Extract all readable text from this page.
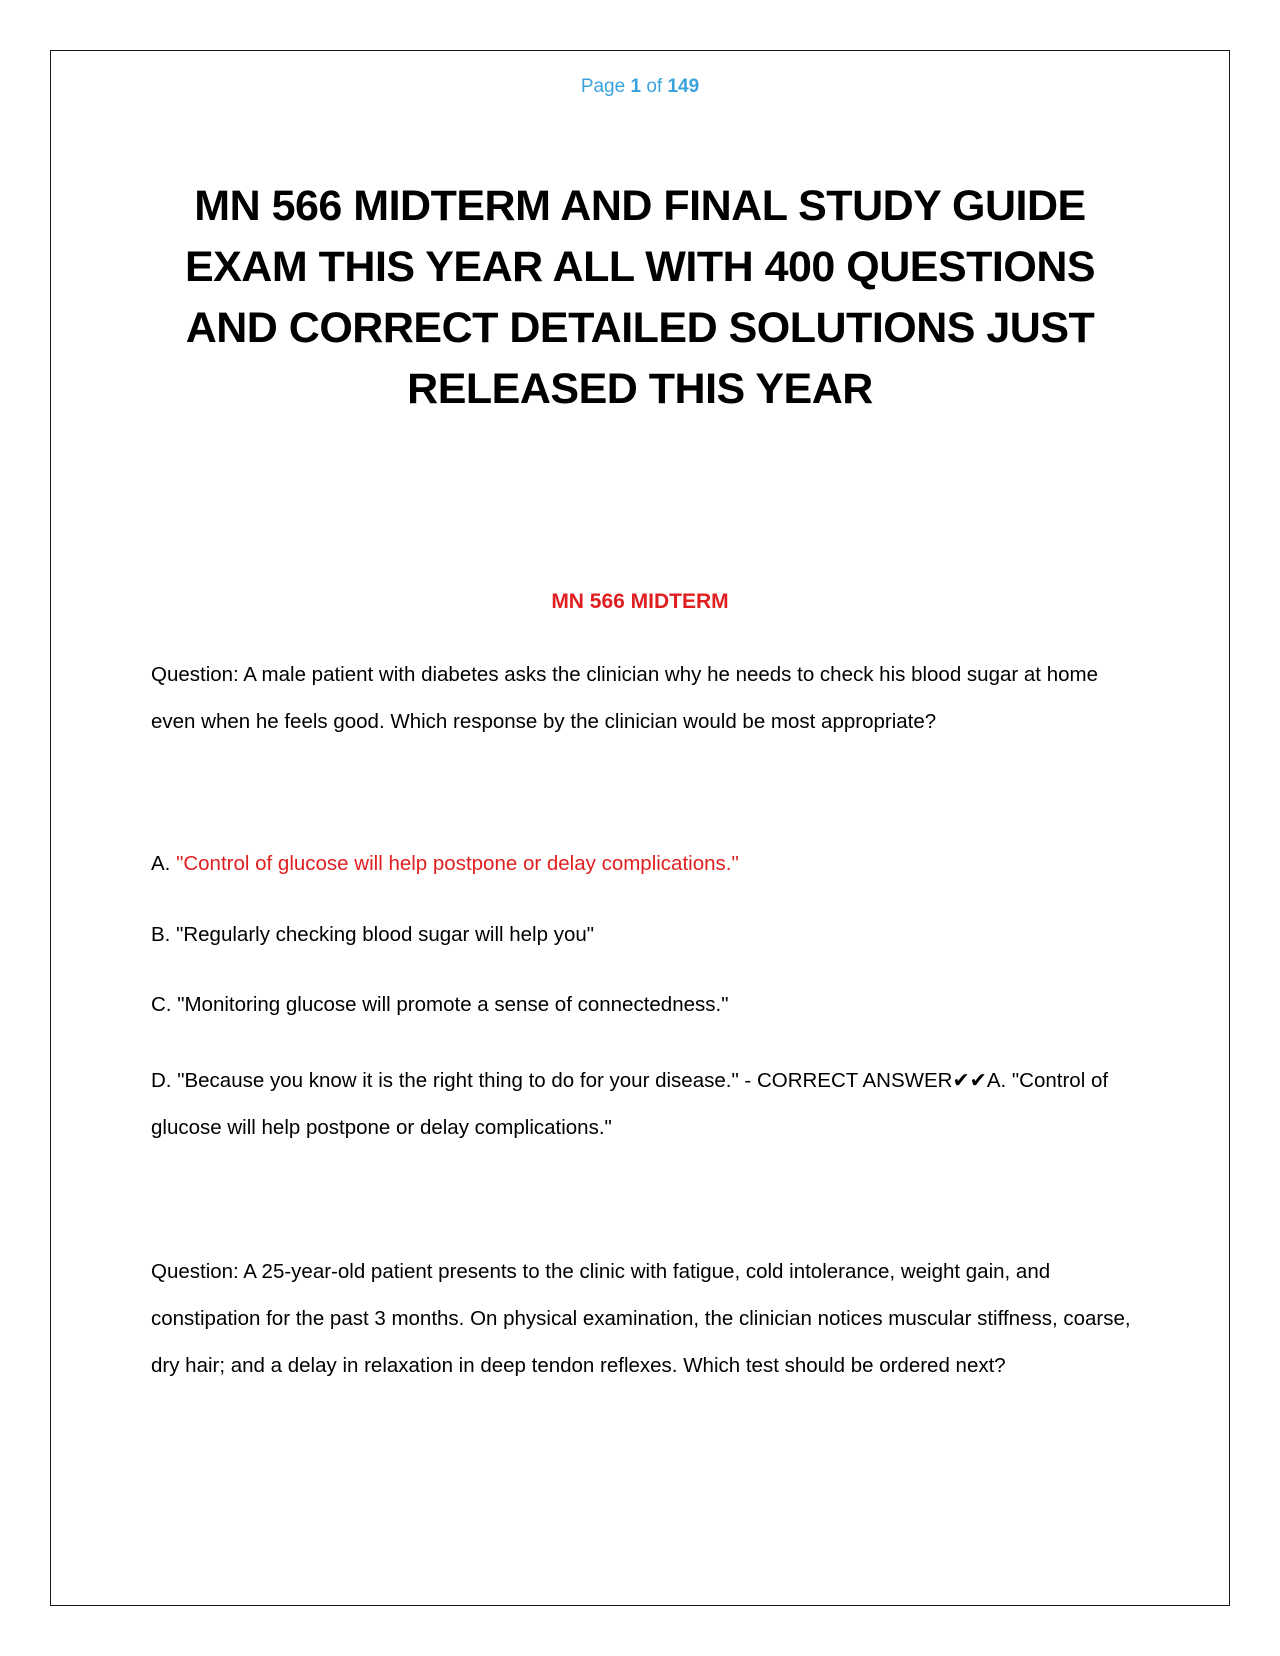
Page 1 of 149
MN 566 MIDTERM AND FINAL STUDY GUIDE EXAM THIS YEAR ALL WITH 400 QUESTIONS AND CORRECT DETAILED SOLUTIONS JUST RELEASED THIS YEAR
MN 566 MIDTERM

Question: A male patient with diabetes asks the clinician why he needs to check his blood sugar at home even when he feels good. Which response by the clinician would be most appropriate?

A. "Control of glucose will help postpone or delay complications."

B. "Regularly checking blood sugar will help you"

C. "Monitoring glucose will promote a sense of connectedness."

D. "Because you know it is the right thing to do for your disease." - CORRECT ANSWER✔✔A. "Control of glucose will help postpone or delay complications."

Question: A 25-year-old patient presents to the clinic with fatigue, cold intolerance, weight gain, and constipation for the past 3 months. On physical examination, the clinician notices muscular stiffness, coarse, dry hair; and a delay in relaxation in deep tendon reflexes. Which test should be ordered next?
